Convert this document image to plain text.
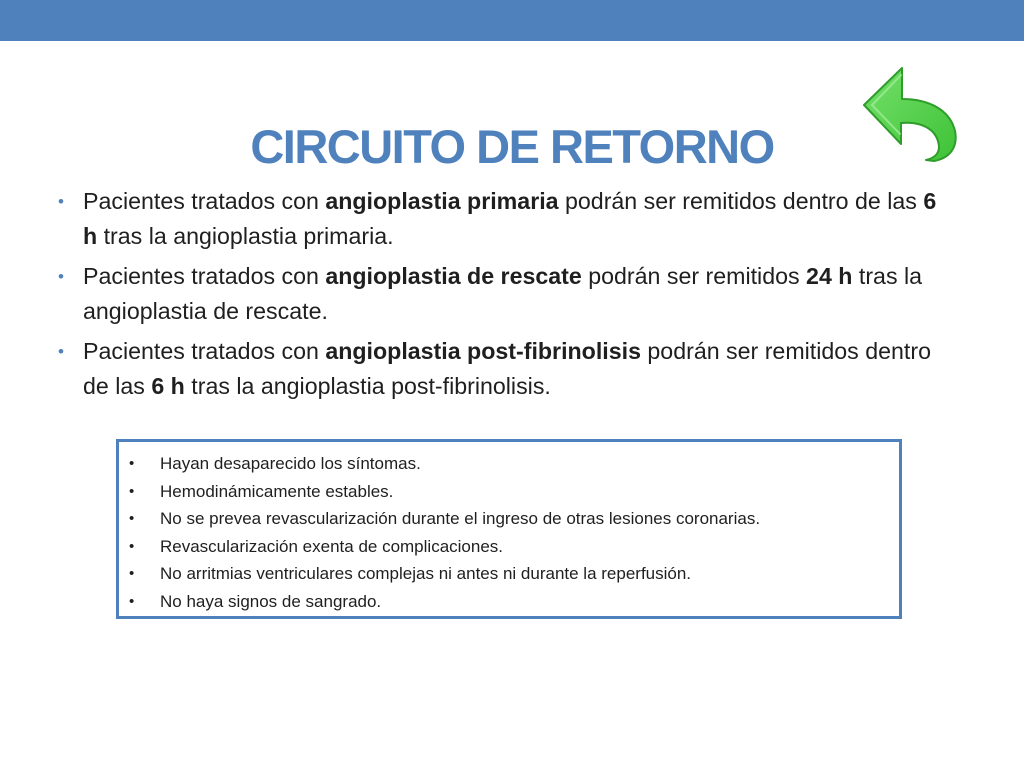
CIRCUITO DE RETORNO
• Pacientes tratados con angioplastia primaria podrán ser remitidos dentro de las 6 h tras la angioplastia primaria.
• Pacientes tratados con angioplastia de rescate podrán ser remitidos 24 h tras la angioplastia de rescate.
• Pacientes tratados con angioplastia post-fibrinolisis podrán ser remitidos dentro de las 6 h tras la angioplastia post-fibrinolisis.
• Hayan desaparecido los síntomas.
• Hemodinámicamente estables.
• No se prevea revascularización durante el ingreso de otras lesiones coronarias.
• Revascularización exenta de complicaciones.
• No arritmias ventriculares complejas ni antes ni durante la reperfusión.
• No haya signos de sangrado.
